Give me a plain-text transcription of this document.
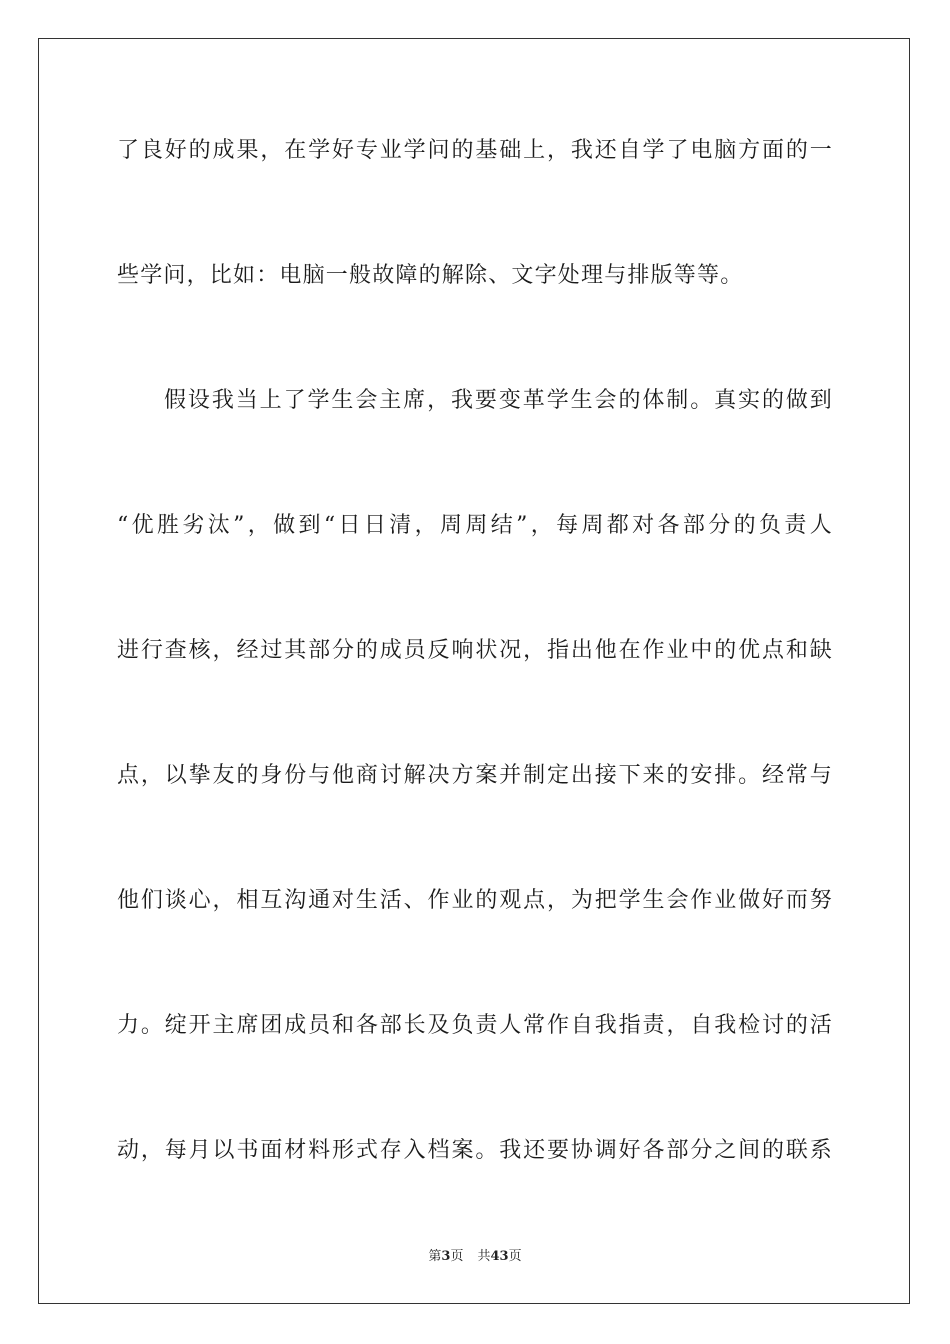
了良好的成果，在学好专业学问的基础上，我还自学了电脑方面的一
些学问，比如：电脑一般故障的解除、文字处理与排版等等。
假设我当上了学生会主席，我要变革学生会的体制。真实的做到
“优胜劣汰”，做到“日日清，周周结”，每周都对各部分的负责人
进行查核，经过其部分的成员反响状况，指出他在作业中的优点和缺
点，以挚友的身份与他商讨解决方案并制定出接下来的安排。经常与
他们谈心，相互沟通对生活、作业的观点，为把学生会作业做好而努
力。绽开主席团成员和各部长及负责人常作自我指责，自我检讨的活
动，每月以书面材料形式存入档案。我还要协调好各部分之间的联系
第3页 共43页
